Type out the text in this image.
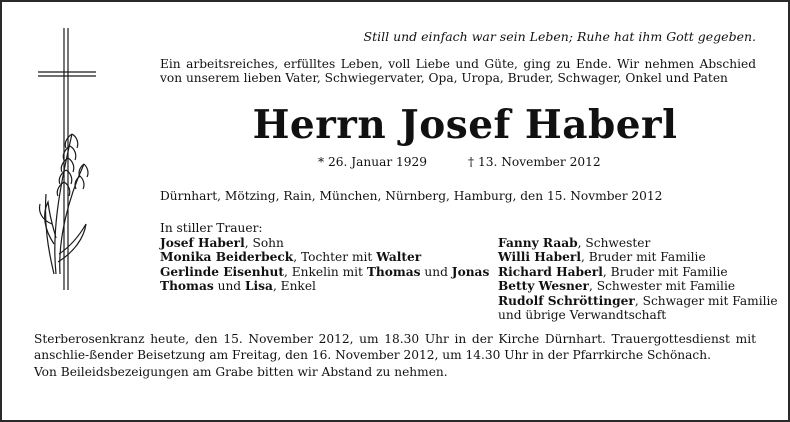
Still und einfach war sein Leben; Ruhe hat ihm Gott gegeben.
Ein arbeitsreiches, erfülltes Leben, voll Liebe und Güte, ging zu Ende. Wir nehmen Abschied von unserem lieben Vater, Schwiegervater, Opa, Uropa, Bruder, Schwager, Onkel und Paten
Herrn Josef Haberl
* 26. Januar 1929	† 13. November 2012
Dürnhart, Mötzing, Rain, München, Nürnberg, Hamburg, den 15. Novmber 2012
In stiller Trauer:
Josef Haberl, Sohn
Monika Beiderbeck, Tochter mit Walter
Gerlinde Eisenhut, Enkelin mit Thomas und Jonas
Thomas und Lisa, Enkel
Fanny Raab, Schwester
Willi Haberl, Bruder mit Familie
Richard Haberl, Bruder mit Familie
Betty Wesner, Schwester mit Familie
Rudolf Schröttinger, Schwager mit Familie
und übrige Verwandtschaft
Sterberosenkranz heute, den 15. November 2012, um 18.30 Uhr in der Kirche Dürnhart. Trauergottesdienst mit anschlie-ßender Beisetzung am Freitag, den 16. November 2012, um 14.30 Uhr in der Pfarrkirche Schönach.
Von Beileidsbezeigungen am Grabe bitten wir Abstand zu nehmen.
